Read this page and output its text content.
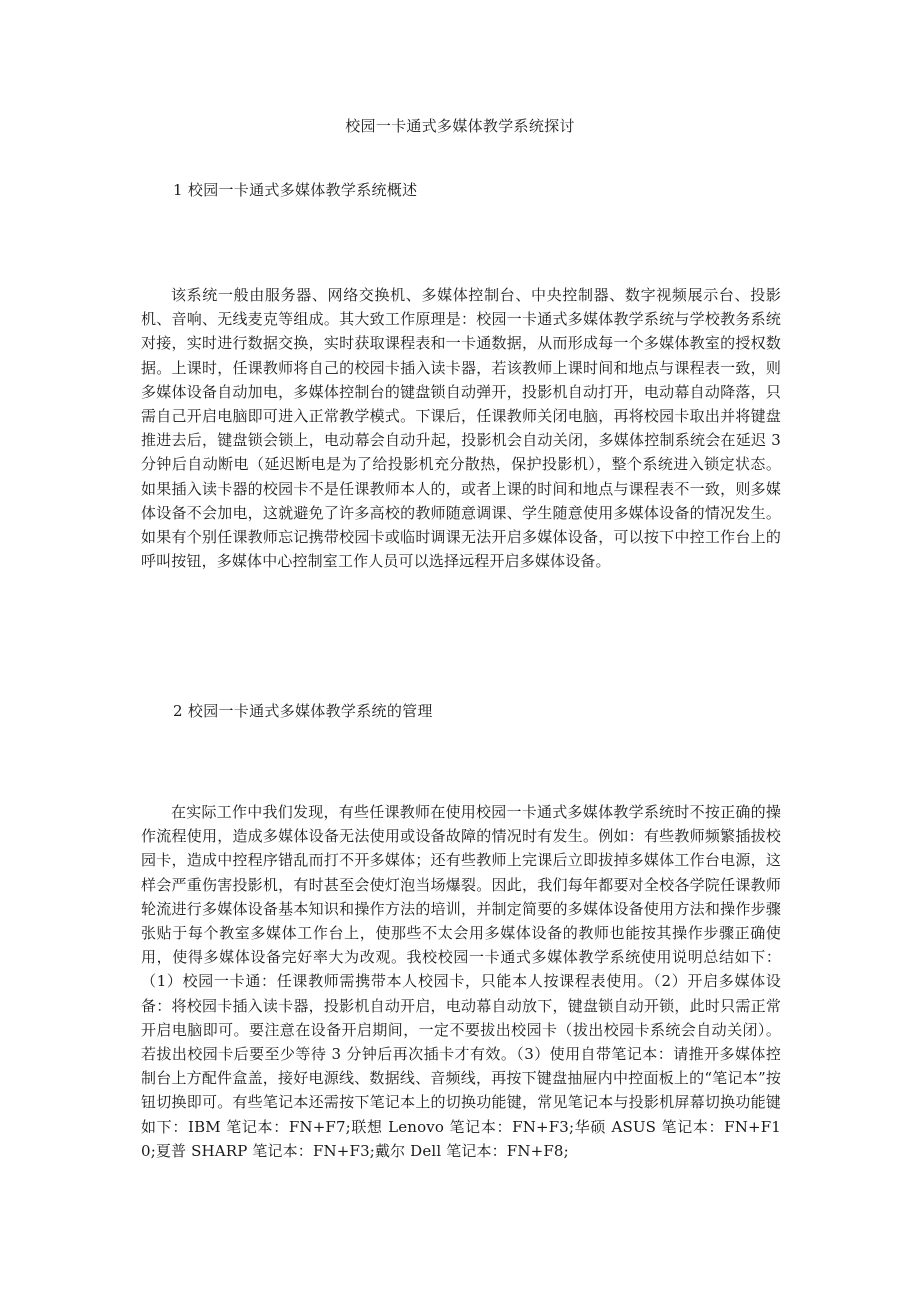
校园一卡通式多媒体教学系统探讨
1 校园一卡通式多媒体教学系统概述

该系统一般由服务器、网络交换机、多媒体控制台、中央控制器、数字视频展示台、投影机、音响、无线麦克等组成。其大致工作原理是：校园一卡通式多媒体教学系统与学校教务系统对接，实时进行数据交换，实时获取课程表和一卡通数据，从而形成每一个多媒体教室的授权数据。上课时，任课教师将自己的校园卡插入读卡器，若该教师上课时间和地点与课程表一致，则多媒体设备自动加电，多媒体控制台的键盘锁自动弹开，投影机自动打开，电动幕自动降落，只需自己开启电脑即可进入正常教学模式。下课后，任课教师关闭电脑，再将校园卡取出并将键盘推进去后，键盘锁会锁上，电动幕会自动升起，投影机会自动关闭，多媒体控制系统会在延迟 3 分钟后自动断电（延迟断电是为了给投影机充分散热，保护投影机），整个系统进入锁定状态。如果插入读卡器的校园卡不是任课教师本人的，或者上课的时间和地点与课程表不一致，则多媒体设备不会加电，这就避免了许多高校的教师随意调课、学生随意使用多媒体设备的情况发生。如果有个别任课教师忘记携带校园卡或临时调课无法开启多媒体设备，可以按下中控工作台上的呼叫按钮，多媒体中心控制室工作人员可以选择远程开启多媒体设备。

2 校园一卡通式多媒体教学系统的管理

在实际工作中我们发现，有些任课教师在使用校园一卡通式多媒体教学系统时不按正确的操作流程使用，造成多媒体设备无法使用或设备故障的情况时有发生。例如：有些教师频繁插拔校园卡，造成中控程序错乱而打不开多媒体；还有些教师上完课后立即拔掉多媒体工作台电源，这样会严重伤害投影机，有时甚至会使灯泡当场爆裂。因此，我们每年都要对全校各学院任课教师轮流进行多媒体设备基本知识和操作方法的培训，并制定简要的多媒体设备使用方法和操作步骤张贴于每个教室多媒体工作台上，使那些不太会用多媒体设备的教师也能按其操作步骤正确使用，使得多媒体设备完好率大为改观。我校校园一卡通式多媒体教学系统使用说明总结如下：（1）校园一卡通：任课教师需携带本人校园卡，只能本人按课程表使用。（2）开启多媒体设备：将校园卡插入读卡器，投影机自动开启，电动幕自动放下，键盘锁自动开锁，此时只需正常开启电脑即可。要注意在设备开启期间，一定不要拔出校园卡（拔出校园卡系统会自动关闭）。若拔出校园卡后要至少等待 3 分钟后再次插卡才有效。（3）使用自带笔记本：请推开多媒体控制台上方配件盒盖，接好电源线、数据线、音频线，再按下键盘抽屉内中控面板上的“笔记本”按钮切换即可。有些笔记本还需按下笔记本上的切换功能键，常见笔记本与投影机屏幕切换功能键如下：IBM 笔记本：FN+F7;联想 Lenovo 笔记本：FN+F3;华硕 ASUS 笔记本：FN+F10;夏普 SHARP 笔记本：FN+F3;戴尔 Dell 笔记本：FN+F8;
